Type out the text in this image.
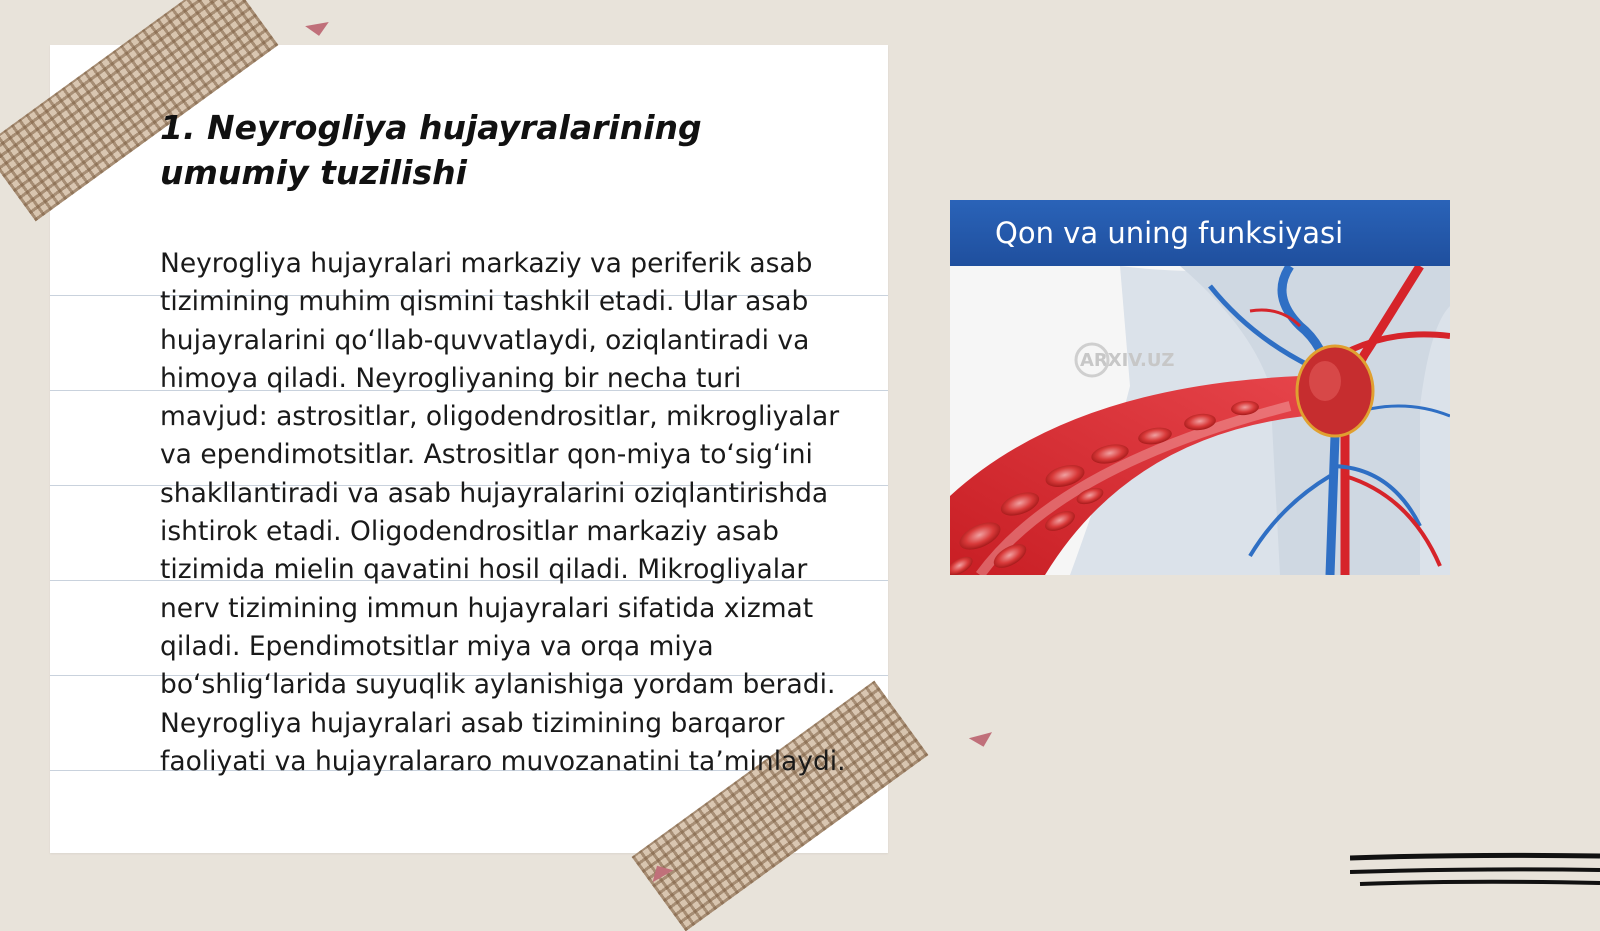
1. Neyrogliya hujayralarining umumiy tuzilishi

Neyrogliya hujayralari markaziy va periferik asab tizimining muhim qismini tashkil etadi. Ular asab hujayralarini qo‘llab-quvvatlaydi, oziqlantiradi va himoya qiladi. Neyrogliyaning bir necha turi mavjud: astrositlar, oligodendrositlar, mikrogliyalar va ependimotsitlar. Astrositlar qon-miya to‘sig‘ini shakllantiradi va asab hujayralarini oziqlantirishda ishtirok etadi. Oligodendrositlar markaziy asab tizimida mielin qavatini hosil qiladi. Mikrogliyalar nerv tizimining immun hujayralari sifatida xizmat qiladi. Ependimotsitlar miya va orqa miya bo‘shlig‘larida suyuqlik aylanishiga yordam beradi. Neyrogliya hujayralari asab tizimining barqaror faoliyati va hujayralararo muvozanatini ta’minlaydi.

Qon va uning funksiyasi
ARXIV.UZ
